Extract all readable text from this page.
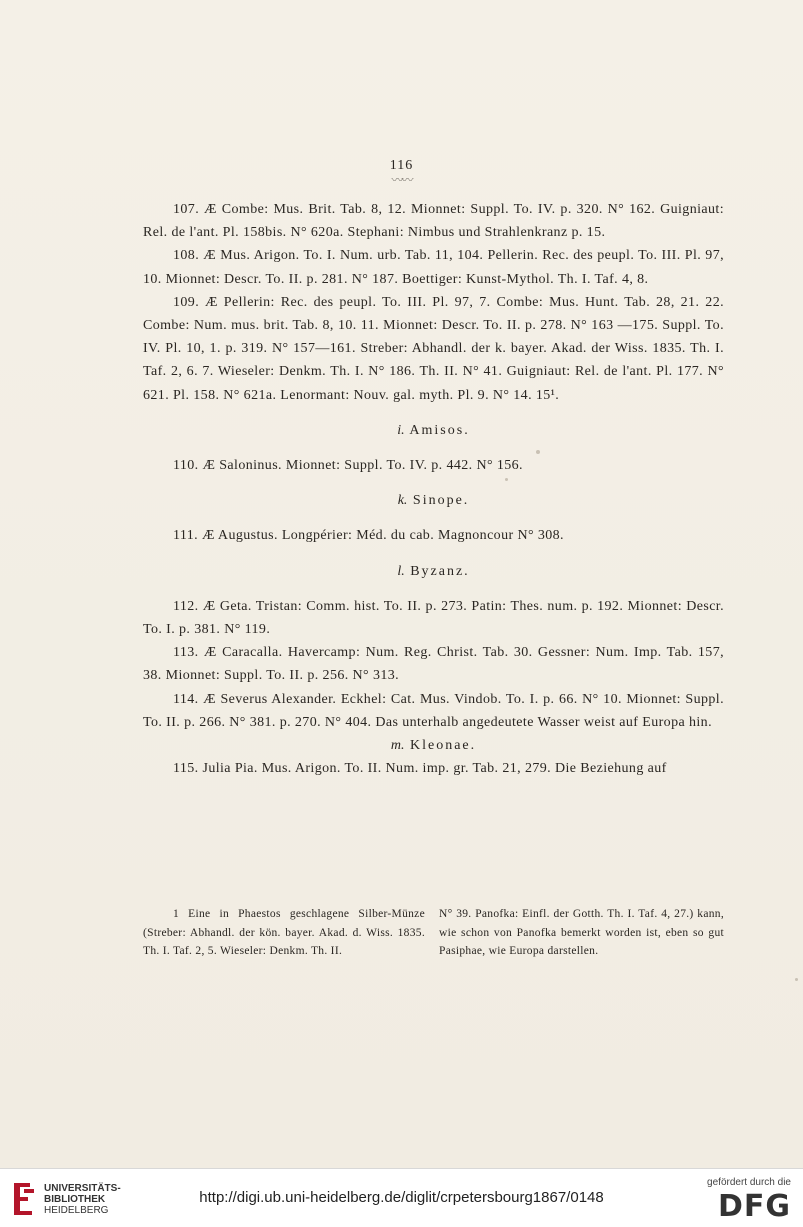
116
〰〰

107. Æ Combe: Mus. Brit. Tab. 8, 12. Mionnet: Suppl. To. IV. p. 320. N° 162. Guigniaut: Rel. de l'ant. Pl. 158bis. N° 620a. Stephani: Nimbus und Strahlenkranz p. 15.

108. Æ Mus. Arigon. To. I. Num. urb. Tab. 11, 104. Pellerin. Rec. des peupl. To. III. Pl. 97, 10. Mionnet: Descr. To. II. p. 281. N° 187. Boettiger: Kunst-Mythol. Th. I. Taf. 4, 8.

109. Æ Pellerin: Rec. des peupl. To. III. Pl. 97, 7. Combe: Mus. Hunt. Tab. 28, 21. 22. Combe: Num. mus. brit. Tab. 8, 10. 11. Mionnet: Descr. To. II. p. 278. N° 163 —175. Suppl. To. IV. Pl. 10, 1. p. 319. N° 157—161. Streber: Abhandl. der k. bayer. Akad. der Wiss. 1835. Th. I. Taf. 2, 6. 7. Wieseler: Denkm. Th. I. N° 186. Th. II. N° 41. Guigniaut: Rel. de l'ant. Pl. 177. N° 621. Pl. 158. N° 621a. Lenormant: Nouv. gal. myth. Pl. 9. N° 14. 15¹.

i. Amisos.

110. Æ Saloninus. Mionnet: Suppl. To. IV. p. 442. N° 156.

k. Sinope.

111. Æ Augustus. Longpérier: Méd. du cab. Magnoncour N° 308.

l. Byzanz.

112. Æ Geta. Tristan: Comm. hist. To. II. p. 273. Patin: Thes. num. p. 192. Mionnet: Descr. To. I. p. 381. N° 119.

113. Æ Caracalla. Havercamp: Num. Reg. Christ. Tab. 30. Gessner: Num. Imp. Tab. 157, 38. Mionnet: Suppl. To. II. p. 256. N° 313.

114. Æ Severus Alexander. Eckhel: Cat. Mus. Vindob. To. I. p. 66. N° 10. Mionnet: Suppl. To. II. p. 266. N° 381. p. 270. N° 404. Das unterhalb angedeutete Wasser weist auf Europa hin.

m. Kleonae.

115. Julia Pia. Mus. Arigon. To. II. Num. imp. gr. Tab. 21, 279. Die Beziehung auf

1 Eine in Phaestos geschlagene Silber-Münze (Streber: Abhandl. der kön. bayer. Akad. d. Wiss. 1835. Th. I. Taf. 2, 5. Wieseler: Denkm. Th. II.
N° 39. Panofka: Einfl. der Gotth. Th. I. Taf. 4, 27.) kann, wie schon von Panofka bemerkt worden ist, eben so gut Pasiphae, wie Europa darstellen.
UNIVERSITÄTS-
BIBLIOTHEK
HEIDELBERG
http://digi.ub.uni-heidelberg.de/diglit/crpetersbourg1867/0148
gefördert durch die
DFG
